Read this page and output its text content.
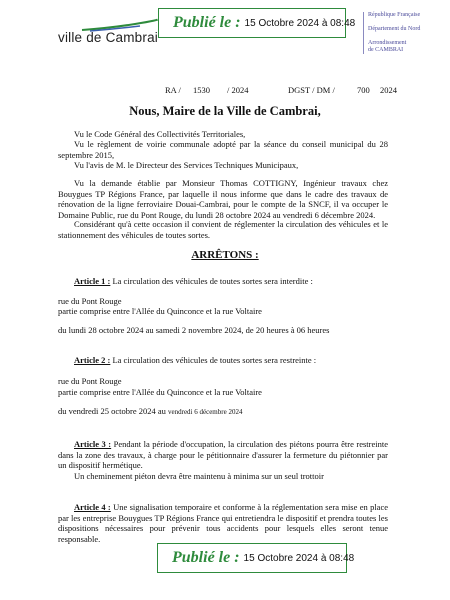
ville de Cambrai
Publié le : 15 Octobre 2024 à 08:48
République Française
Département du Nord
Arrondissement
de CAMBRAI
RA / 1530 / 2024	DGST / DM /	700 2024
Nous, Maire de la Ville de Cambrai,
Vu le Code Général des Collectivités Territoriales,
Vu le règlement de voirie communale adopté par la séance du conseil municipal du 28 septembre 2015,
Vu l'avis de M. le Directeur des Services Techniques Municipaux,
Vu la demande établie par Monsieur Thomas COTTIGNY, Ingénieur travaux chez Bouygues TP Régions France, par laquelle il nous informe que dans le cadre des travaux de rénovation de la ligne ferroviaire Douai-Cambrai, pour le compte de la SNCF, il va occuper le Domaine Public, rue du Pont Rouge, du lundi 28 octobre 2024 au vendredi 6 décembre 2024.
Considérant qu'à cette occasion il convient de réglementer la circulation des véhicules et le stationnement des véhicules de toutes sortes.
ARRÊTONS :
Article 1 : La circulation des véhicules de toutes sortes sera interdite :
rue du Pont Rouge
partie comprise entre l'Allée du Quinconce et la rue Voltaire
du lundi 28 octobre 2024 au samedi 2 novembre 2024, de 20 heures à 06 heures
Article 2 : La circulation des véhicules de toutes sortes sera restreinte :
rue du Pont Rouge
partie comprise entre l'Allée du Quinconce et la rue Voltaire
du vendredi 25 octobre 2024 au vendredi 6 décembre 2024
Article 3 : Pendant la période d'occupation, la circulation des piétons pourra être restreinte dans la zone des travaux, à charge pour le pétitionnaire d'assurer la fermeture du piétonnier par un dispositif hermétique.
Un cheminement piéton devra être maintenu à minima sur un seul trottoir
Article 4 : Une signalisation temporaire et conforme à la réglementation sera mise en place par les entreprise Bouygues TP Régions France qui entretiendra le dispositif et prendra toutes les dispositions nécessaires pour prévenir tous accidents pour lesquels elles seront tenue responsable.
Publié le : 15 Octobre 2024 à 08:48
